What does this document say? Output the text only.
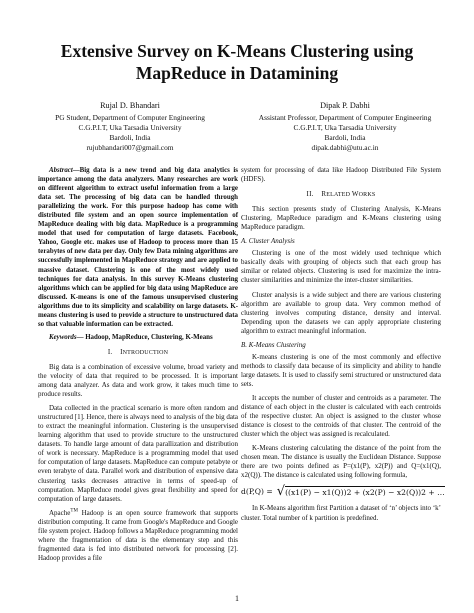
Extensive Survey on K-Means Clustering using
MapReduce in Datamining
Rujal D. Bhandari
PG Student, Department of Computer Engineering
C.G.P.I.T, Uka Tarsadia University
Bardoli, India
rujubhandari007@gmail.com
Dipak P. Dabhi
Assistant Professor, Department of Computer Engineering
C.G.P.I.T, Uka Tarsadia University
Bardoli, India
dipak.dabhi@utu.ac.in

Abstract—Big data is a new trend and big data analytics is importance among the data analyzers. Many researches are work on different algorithm to extract useful information from a large data set. The processing of big data can be handled through parallelizing the work. For this purpose hadoop has come with distributed file system and an open source implementation of MapReduce dealing with big data. MapReduce is a programming model that used for computation of large datasets. Facebook, Yahoo, Google etc. makes use of Hadoop to process more than 15 terabytes of new data per day. Only few Data mining algorithms are successfully implemented in MapReduce strategy and are applied to massive dataset. Clustering is one of the most widely used techniques for data analysis. In this survey K-Means clustering algorithms which can be applied for big data using MapReduce are discussed. K-means is one of the famous unsupervised clustering algorithms due to its simplicity and scalability on large datasets. K-means clustering is used to provide a structure to unstructured data so that valuable information can be extracted.

Keywords— Hadoop, MapReduce, Clustering, K-Means

I. INTRODUCTION

Big data is a combination of excessive volume, broad variety and the velocity of data that required to be processed. It is important among data analyzer. As data and work grow, it takes much time to produce results.

Data collected in the practical scenario is more often random and unstructured [1]. Hence, there is always need to analysis of the big data to extract the meaningful information. Clustering is the unsupervised learning algorithm that used to provide structure to the unstructured datasets. To handle large amount of data parallization and distribution of work is necessary. MapReduce is a programming model that used for computation of large datasets. MapReduce can compute petabyte or even terabyte of data. Parallel work and distribution of expensive data clustering tasks decreases attractive in terms of speed-up of computation. MapReduce model gives great flexibility and speed for computation of large datasets.

Apache™ Hadoop is an open source framework that supports distribution computing. It came from Google's MapReduce and Google file system project. Hadoop follows a MapReduce programming model where the fragmentation of data is the elementary step and this fragmented data is fed into distributed network for processing [2]. Hadoop provides a file

system for processing of data like Hadoop Distributed File System (HDFS).

II. RELATED WORKS

This section presents study of Clustering Analysis, K-Means Clustering, MapReduce paradigm and K-Means clustering using MapReduce paradigm.

A. Cluster Analysis

Clustering is one of the most widely used technique which basically deals with grouping of objects such that each group has similar or related objects. Clustering is used for maximize the intra-cluster similarities and minimize the inter-cluster similarities.

Cluster analysis is a wide subject and there are various clustering algorithm are available to group data. Very common method of clustering involves computing distance, density and interval. Depending upon the datasets we can apply appropriate clustering algorithm to extract meaningful information.

B. K-Means Clustering

K-means clustering is one of the most commonly and effective methods to classify data because of its simplicity and ability to handle large datasets. It is used to classify semi structured or unstructured data sets.

It accepts the number of cluster and centroids as a parameter. The distance of each object in the cluster is calculated with each centroids of the respective cluster. An object is assigned to the cluster whose distance is closest to the centroids of that cluster. The centroid of the cluster which the object was assigned is recalculated.

K-Means clustering calculating the distance of the point from the chosen mean. The distance is usually the Euclidean Distance. Suppose there are two points defined as P=(x1(P), x2(P)) and Q=(x1(Q), x2(Q)). The distance is calculated using following formula,

d(P,Q) = √ ((x1(P) − x1(Q))2 + (x2(P) − x2(Q))2 + …

In K-Means algorithm first Partition a dataset of ‘n’ objects into ‘k’ cluster. Total number of k partition is predefined.

1
